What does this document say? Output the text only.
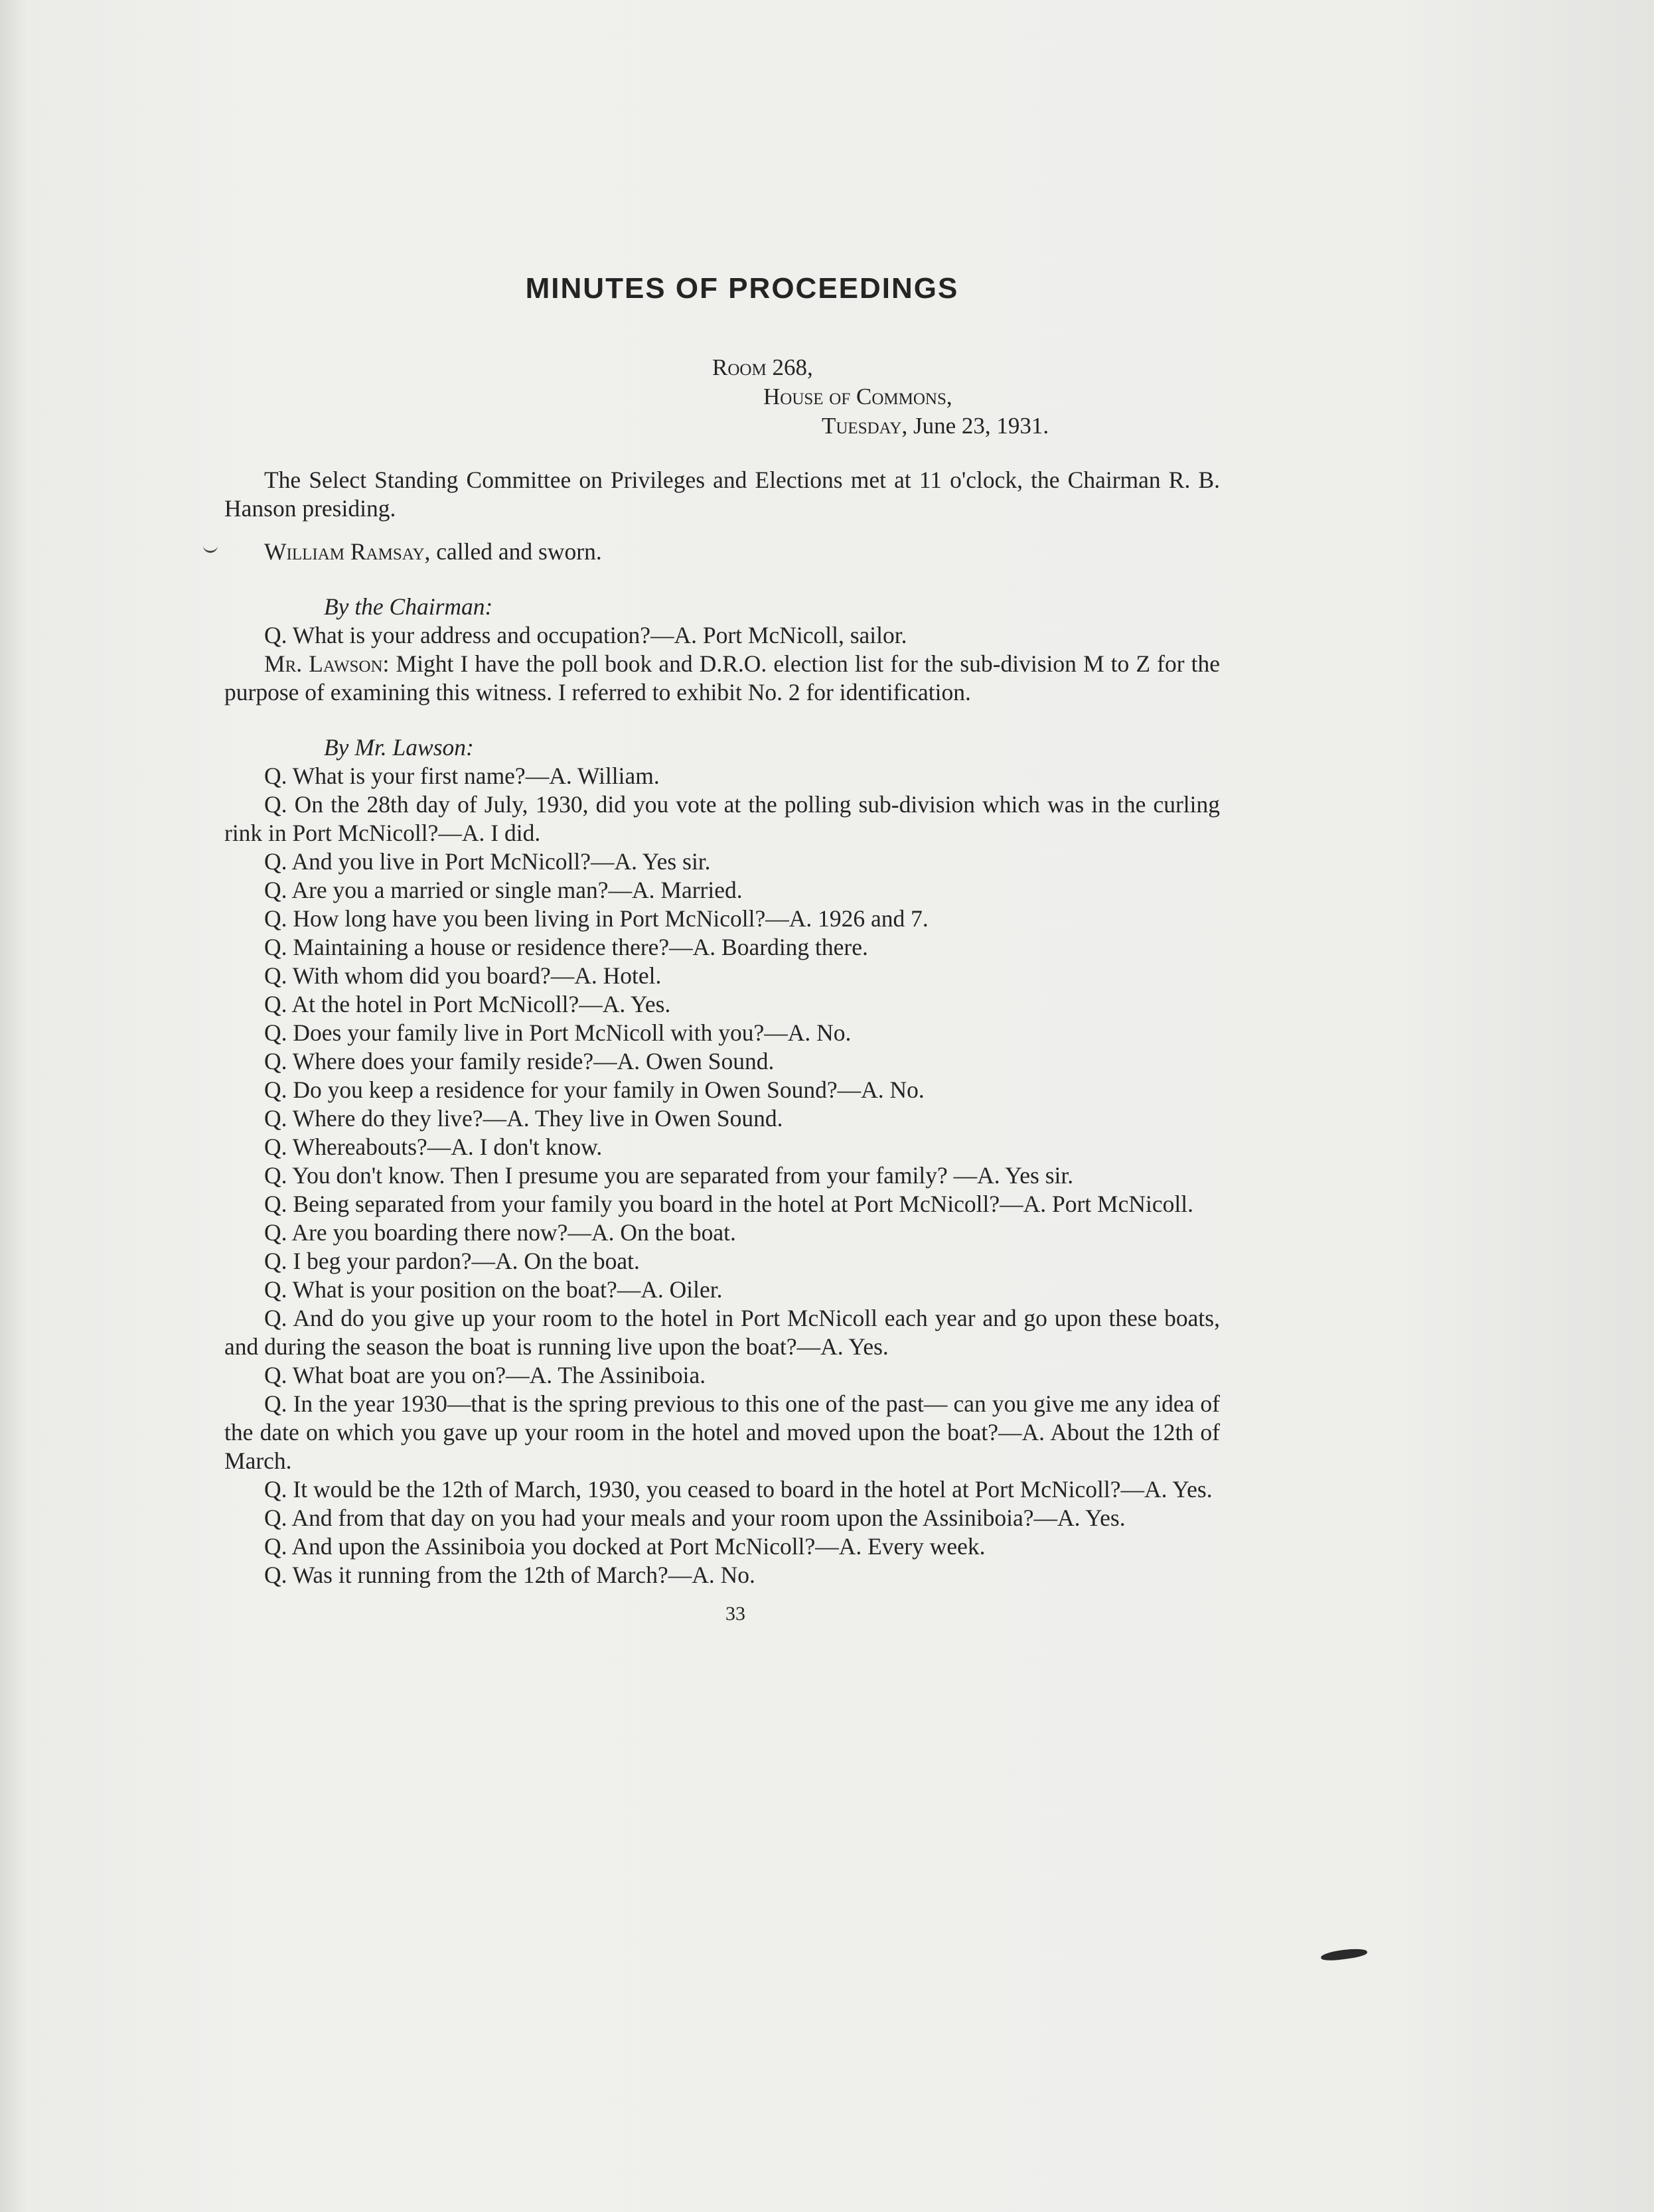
MINUTES OF PROCEEDINGS
Room 268,
House of Commons,
Tuesday, June 23, 1931.

The Select Standing Committee on Privileges and Elections met at 11 o'clock, the Chairman R. B. Hanson presiding.

William Ramsay, called and sworn.

By the Chairman:

Q. What is your address and occupation?—A. Port McNicoll, sailor.

Mr. Lawson: Might I have the poll book and D.R.O. election list for the sub-division M to Z for the purpose of examining this witness. I referred to exhibit No. 2 for identification.

By Mr. Lawson:

Q. What is your first name?—A. William.

Q. On the 28th day of July, 1930, did you vote at the polling sub-division which was in the curling rink in Port McNicoll?—A. I did.

Q. And you live in Port McNicoll?—A. Yes sir.

Q. Are you a married or single man?—A. Married.

Q. How long have you been living in Port McNicoll?—A. 1926 and 7.

Q. Maintaining a house or residence there?—A. Boarding there.

Q. With whom did you board?—A. Hotel.

Q. At the hotel in Port McNicoll?—A. Yes.

Q. Does your family live in Port McNicoll with you?—A. No.

Q. Where does your family reside?—A. Owen Sound.

Q. Do you keep a residence for your family in Owen Sound?—A. No.

Q. Where do they live?—A. They live in Owen Sound.

Q. Whereabouts?—A. I don't know.

Q. You don't know. Then I presume you are separated from your family? —A. Yes sir.

Q. Being separated from your family you board in the hotel at Port McNicoll?—A. Port McNicoll.

Q. Are you boarding there now?—A. On the boat.

Q. I beg your pardon?—A. On the boat.

Q. What is your position on the boat?—A. Oiler.

Q. And do you give up your room to the hotel in Port McNicoll each year and go upon these boats, and during the season the boat is running live upon the boat?—A. Yes.

Q. What boat are you on?—A. The Assiniboia.

Q. In the year 1930—that is the spring previous to this one of the past— can you give me any idea of the date on which you gave up your room in the hotel and moved upon the boat?—A. About the 12th of March.

Q. It would be the 12th of March, 1930, you ceased to board in the hotel at Port McNicoll?—A. Yes.

Q. And from that day on you had your meals and your room upon the Assiniboia?—A. Yes.

Q. And upon the Assiniboia you docked at Port McNicoll?—A. Every week.

Q. Was it running from the 12th of March?—A. No.

33
